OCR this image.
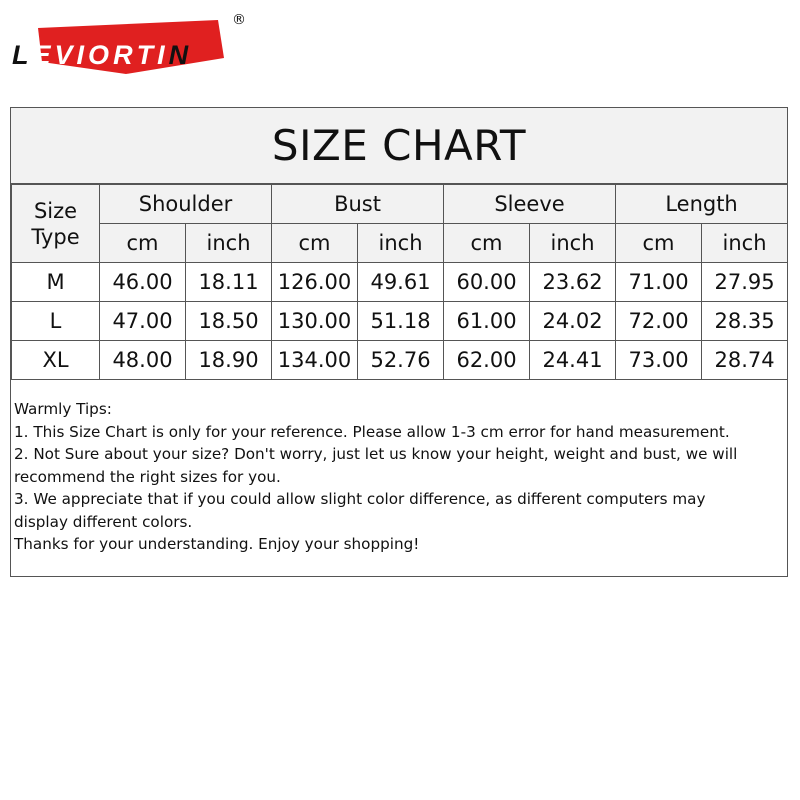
LEVIORTIN
®
SIZE CHART
Size Type	Shoulder		Bust		Sleeve		Length	
	cm	inch	cm	inch	cm	inch	cm	inch
M	46.00	18.11	126.00	49.61	60.00	23.62	71.00	27.95
L	47.00	18.50	130.00	51.18	61.00	24.02	72.00	28.35
XL	48.00	18.90	134.00	52.76	62.00	24.41	73.00	28.74
Warmly Tips:
1. This Size Chart is only for your reference. Please allow 1-3 cm error for hand measurement.
2. Not Sure about your size? Don't worry, just let us know your height, weight and bust, we will
recommend the right sizes for you.
3. We appreciate that if you could allow slight color difference, as different computers may
display different colors.
Thanks for your understanding. Enjoy your shopping!
